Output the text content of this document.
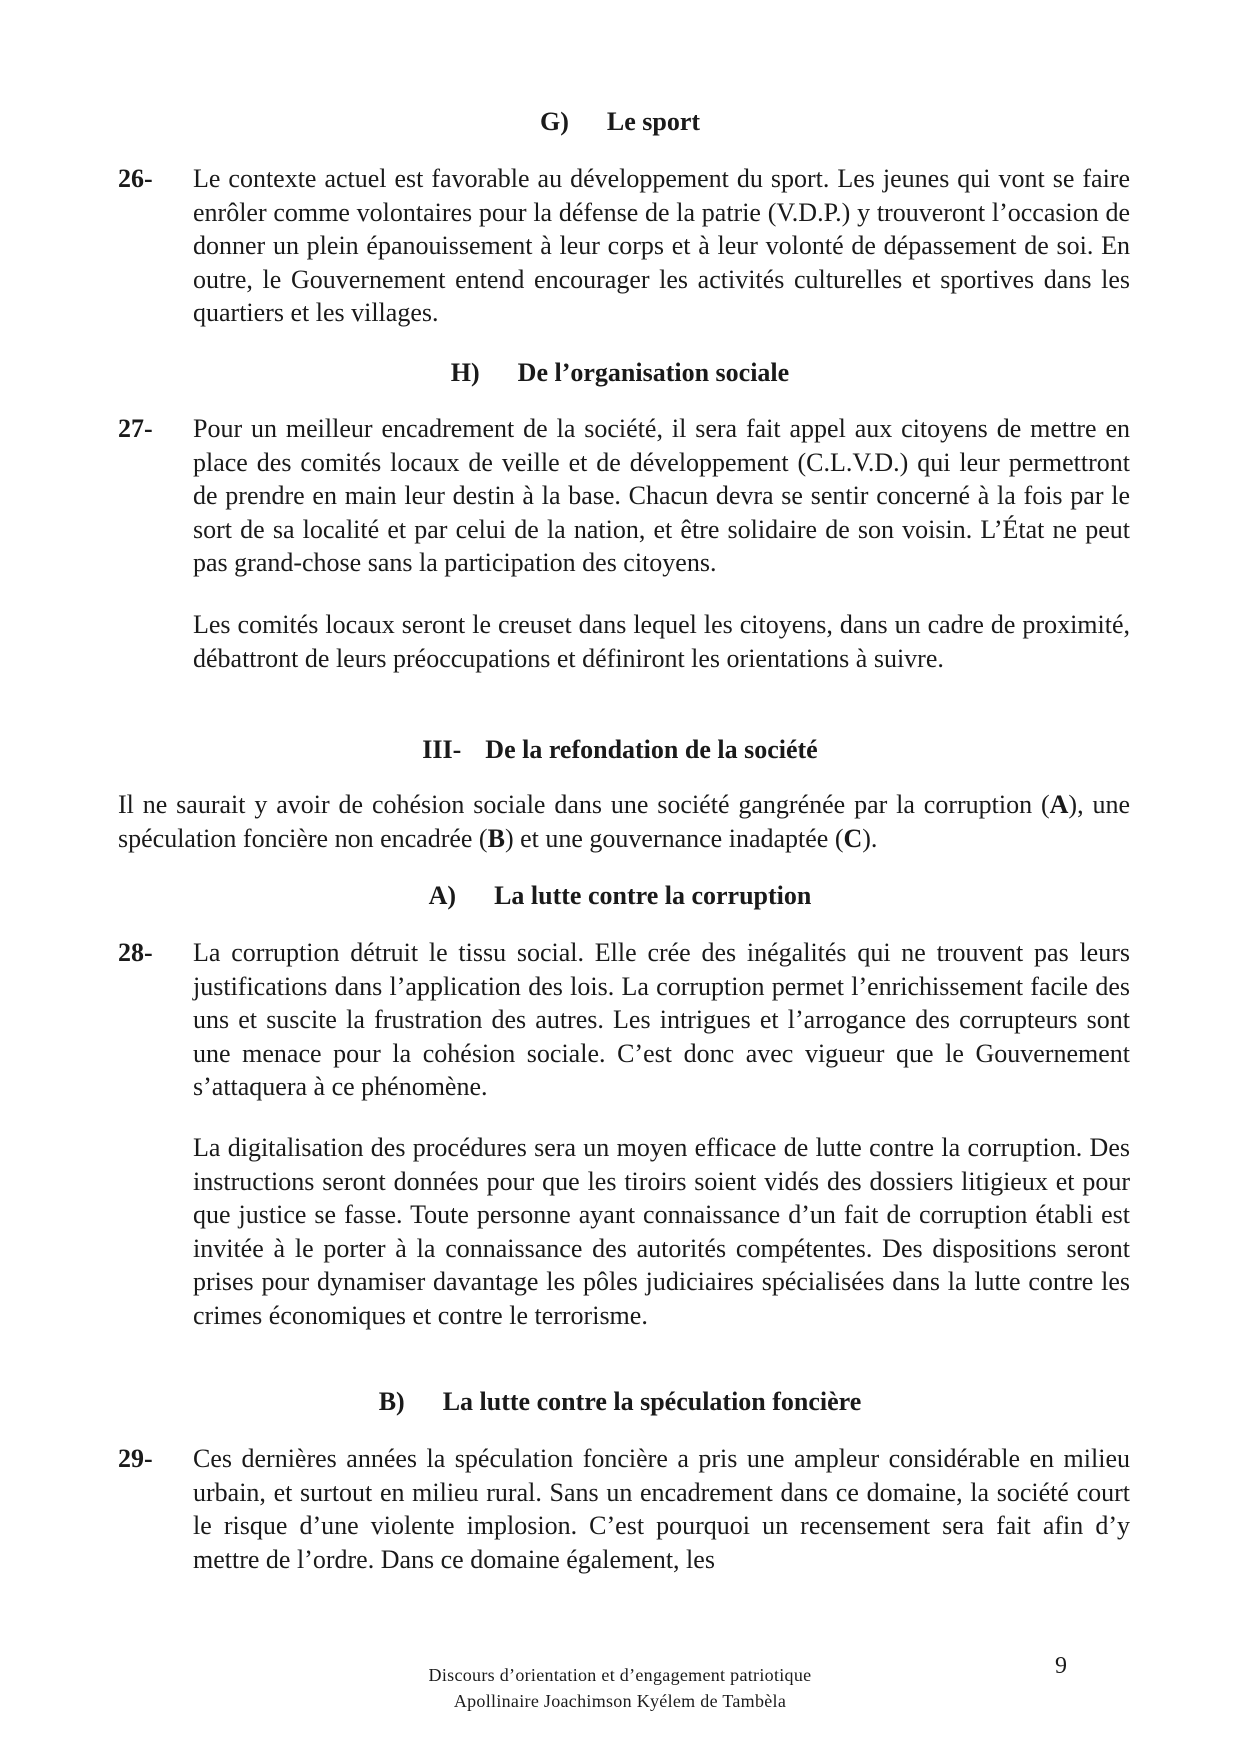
G) Le sport
26- Le contexte actuel est favorable au développement du sport. Les jeunes qui vont se faire enrôler comme volontaires pour la défense de la patrie (V.D.P.) y trouveront l’occasion de donner un plein épanouissement à leur corps et à leur volonté de dépassement de soi. En outre, le Gouvernement entend encourager les activités culturelles et sportives dans les quartiers et les villages.
H) De l’organisation sociale
27- Pour un meilleur encadrement de la société, il sera fait appel aux citoyens de mettre en place des comités locaux de veille et de développement (C.L.V.D.) qui leur permettront de prendre en main leur destin à la base. Chacun devra se sentir concerné à la fois par le sort de sa localité et par celui de la nation, et être solidaire de son voisin. L’État ne peut pas grand-chose sans la participation des citoyens.
Les comités locaux seront le creuset dans lequel les citoyens, dans un cadre de proximité, débattront de leurs préoccupations et définiront les orientations à suivre.
III- De la refondation de la société
Il ne saurait y avoir de cohésion sociale dans une société gangrénée par la corruption (A), une spéculation foncière non encadrée (B) et une gouvernance inadaptée (C).
A) La lutte contre la corruption
28- La corruption détruit le tissu social. Elle crée des inégalités qui ne trouvent pas leurs justifications dans l’application des lois. La corruption permet l’enrichissement facile des uns et suscite la frustration des autres. Les intrigues et l’arrogance des corrupteurs sont une menace pour la cohésion sociale. C’est donc avec vigueur que le Gouvernement s’attaquera à ce phénomène.
La digitalisation des procédures sera un moyen efficace de lutte contre la corruption. Des instructions seront données pour que les tiroirs soient vidés des dossiers litigieux et pour que justice se fasse. Toute personne ayant connaissance d’un fait de corruption établi est invitée à le porter à la connaissance des autorités compétentes. Des dispositions seront prises pour dynamiser davantage les pôles judiciaires spécialisées dans la lutte contre les crimes économiques et contre le terrorisme.
B) La lutte contre la spéculation foncière
29- Ces dernières années la spéculation foncière a pris une ampleur considérable en milieu urbain, et surtout en milieu rural. Sans un encadrement dans ce domaine, la société court le risque d’une violente implosion. C’est pourquoi un recensement sera fait afin d’y mettre de l’ordre. Dans ce domaine également, les
9
Discours d’orientation et d’engagement patriotique
Apollinaire Joachimson Kyélem de Tambèla
